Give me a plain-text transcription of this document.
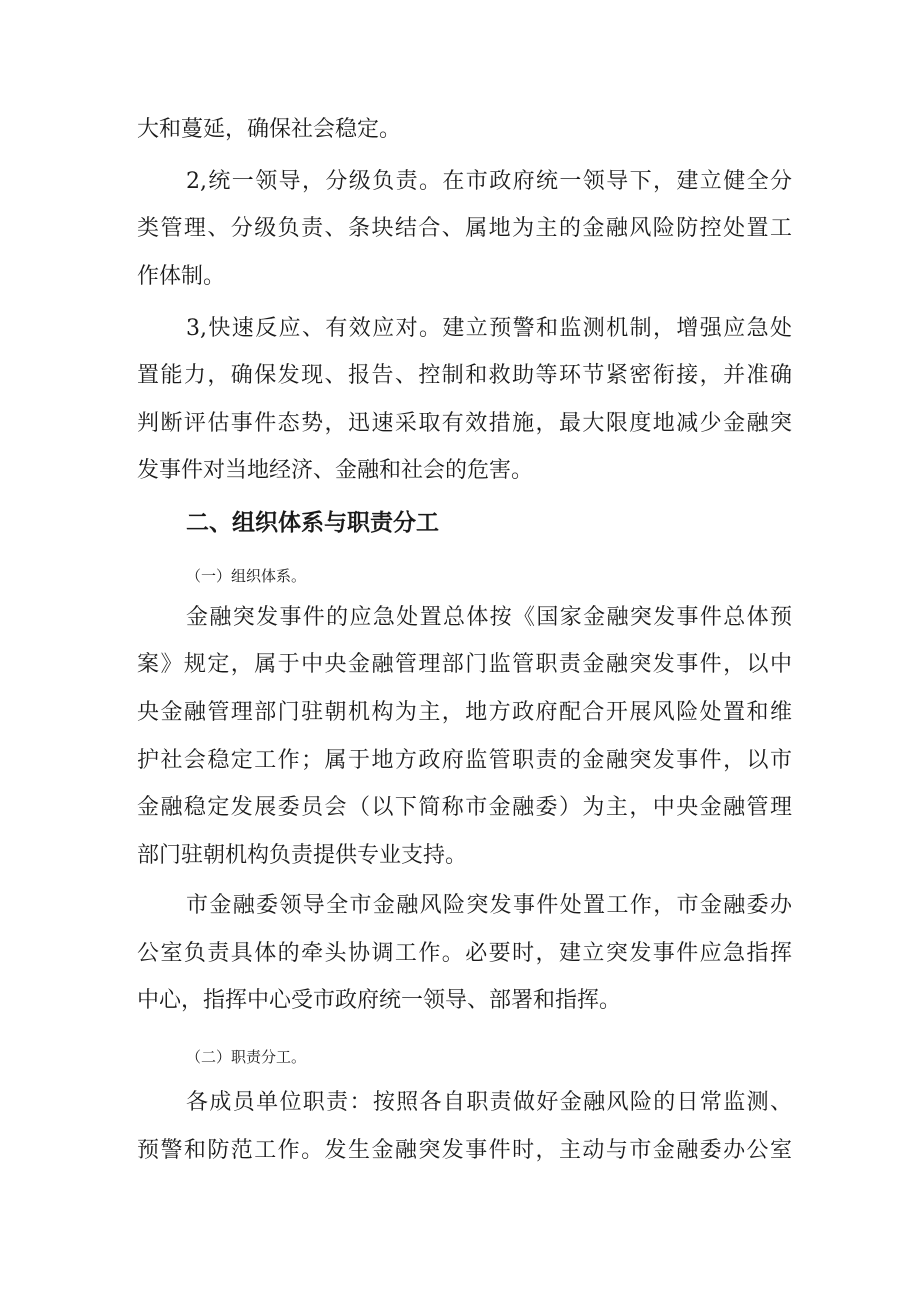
大和蔓延，确保社会稳定。
2,统一领导，分级负责。在市政府统一领导下，建立健全分
类管理、分级负责、条块结合、属地为主的金融风险防控处置工
作体制。
3,快速反应、有效应对。建立预警和监测机制，增强应急处
置能力，确保发现、报告、控制和救助等环节紧密衔接，并准确
判断评估事件态势，迅速采取有效措施，最大限度地减少金融突
发事件对当地经济、金融和社会的危害。
二、组织体系与职责分工
（一）组织体系。
金融突发事件的应急处置总体按《国家金融突发事件总体预
案》规定，属于中央金融管理部门监管职责金融突发事件，以中
央金融管理部门驻朝机构为主，地方政府配合开展风险处置和维
护社会稳定工作；属于地方政府监管职责的金融突发事件，以市
金融稳定发展委员会（以下简称市金融委）为主，中央金融管理
部门驻朝机构负责提供专业支持。
市金融委领导全市金融风险突发事件处置工作，市金融委办
公室负责具体的牵头协调工作。必要时，建立突发事件应急指挥
中心，指挥中心受市政府统一领导、部署和指挥。
（二）职责分工。
各成员单位职责：按照各自职责做好金融风险的日常监测、
预警和防范工作。发生金融突发事件时，主动与市金融委办公室
